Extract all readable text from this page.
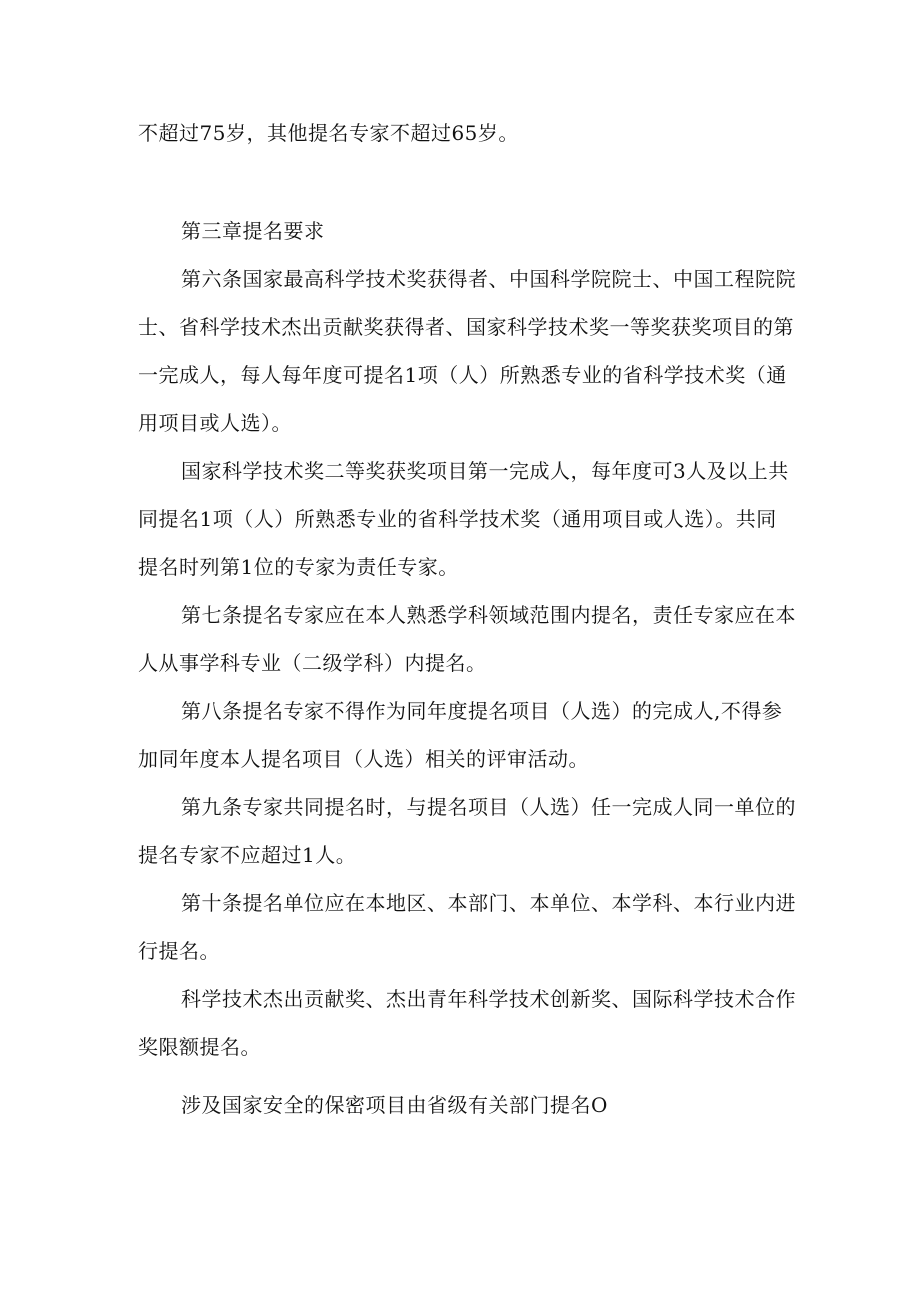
不超过75岁，其他提名专家不超过65岁。
第三章提名要求
第六条国家最高科学技术奖获得者、中国科学院院士、中国工程院院
士、省科学技术杰出贡献奖获得者、国家科学技术奖一等奖获奖项目的第
一完成人，每人每年度可提名1项（人）所熟悉专业的省科学技术奖（通
用项目或人选）。
国家科学技术奖二等奖获奖项目第一完成人，每年度可3人及以上共
同提名1项（人）所熟悉专业的省科学技术奖（通用项目或人选）。共同
提名时列第1位的专家为责任专家。
第七条提名专家应在本人熟悉学科领域范围内提名，责任专家应在本
人从事学科专业（二级学科）内提名。
第八条提名专家不得作为同年度提名项目（人选）的完成人,不得参
加同年度本人提名项目（人选）相关的评审活动。
第九条专家共同提名时，与提名项目（人选）任一完成人同一单位的
提名专家不应超过1人。
第十条提名单位应在本地区、本部门、本单位、本学科、本行业内进
行提名。
科学技术杰出贡献奖、杰出青年科学技术创新奖、国际科学技术合作
奖限额提名。
涉及国家安全的保密项目由省级有关部门提名O
